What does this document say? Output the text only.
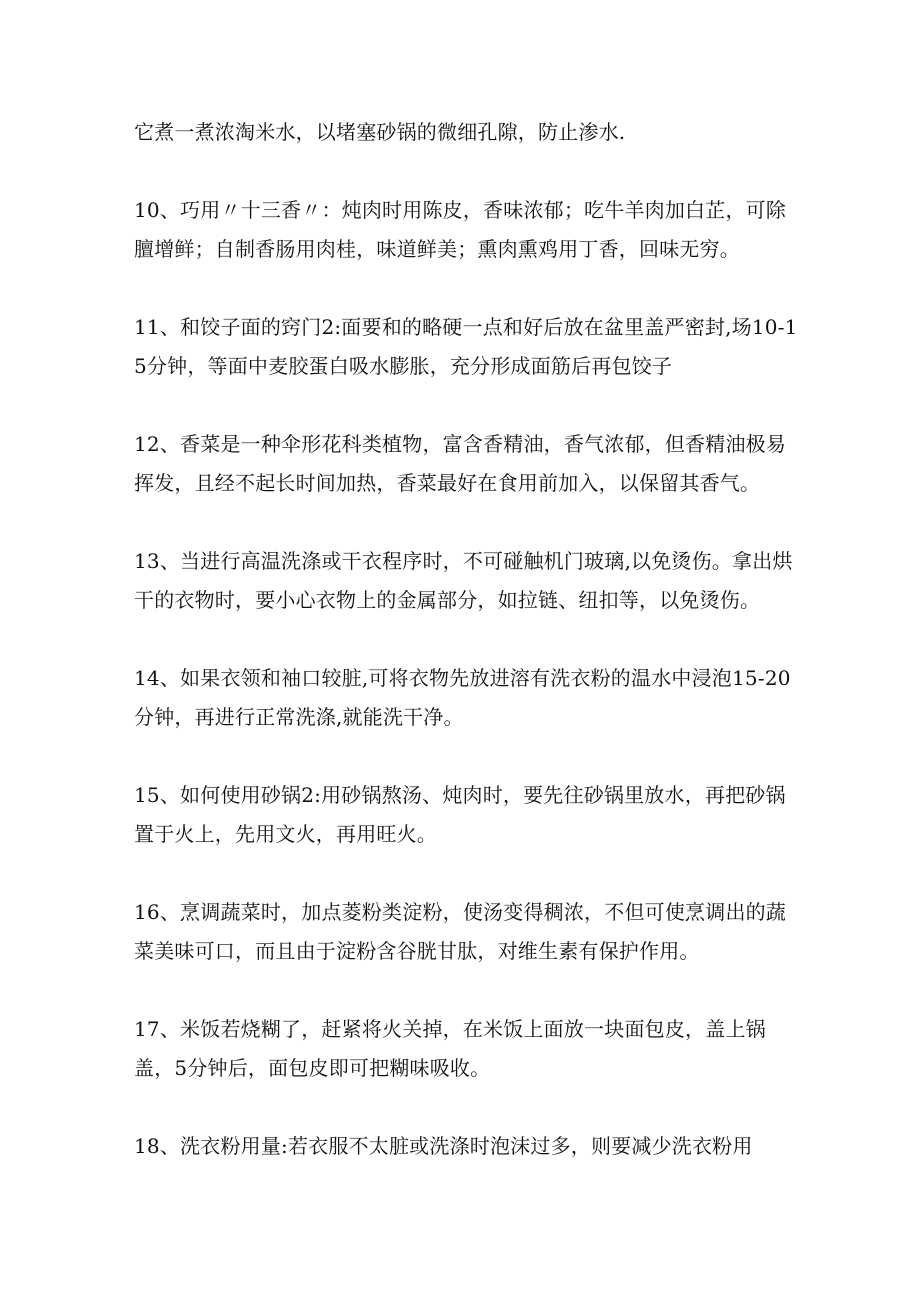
它煮一煮浓淘米水，以堵塞砂锅的微细孔隙，防止渗水.

10、巧用〃十三香〃：炖肉时用陈皮，香味浓郁；吃牛羊肉加白芷，可除膻增鲜；自制香肠用肉桂，味道鲜美；熏肉熏鸡用丁香，回味无穷。

11、和饺子面的窍门2:面要和的略硬一点和好后放在盆里盖严密封,场10-15分钟，等面中麦胶蛋白吸水膨胀，充分形成面筋后再包饺子

12、香菜是一种伞形花科类植物，富含香精油，香气浓郁，但香精油极易挥发，且经不起长时间加热，香菜最好在食用前加入，以保留其香气。

13、当进行高温洗涤或干衣程序时，不可碰触机门玻璃,以免烫伤。拿出烘干的衣物时，要小心衣物上的金属部分，如拉链、纽扣等，以免烫伤。

14、如果衣领和袖口较脏,可将衣物先放进溶有洗衣粉的温水中浸泡15-20分钟，再进行正常洗涤,就能洗干净。

15、如何使用砂锅2:用砂锅熬汤、炖肉时，要先往砂锅里放水，再把砂锅置于火上，先用文火，再用旺火。

16、烹调蔬菜时，加点菱粉类淀粉，使汤变得稠浓，不但可使烹调出的蔬菜美味可口，而且由于淀粉含谷胱甘肽，对维生素有保护作用。

17、米饭若烧糊了，赶紧将火关掉，在米饭上面放一块面包皮，盖上锅盖，5分钟后，面包皮即可把糊味吸收。

18、洗衣粉用量:若衣服不太脏或洗涤时泡沫过多，则要减少洗衣粉用
